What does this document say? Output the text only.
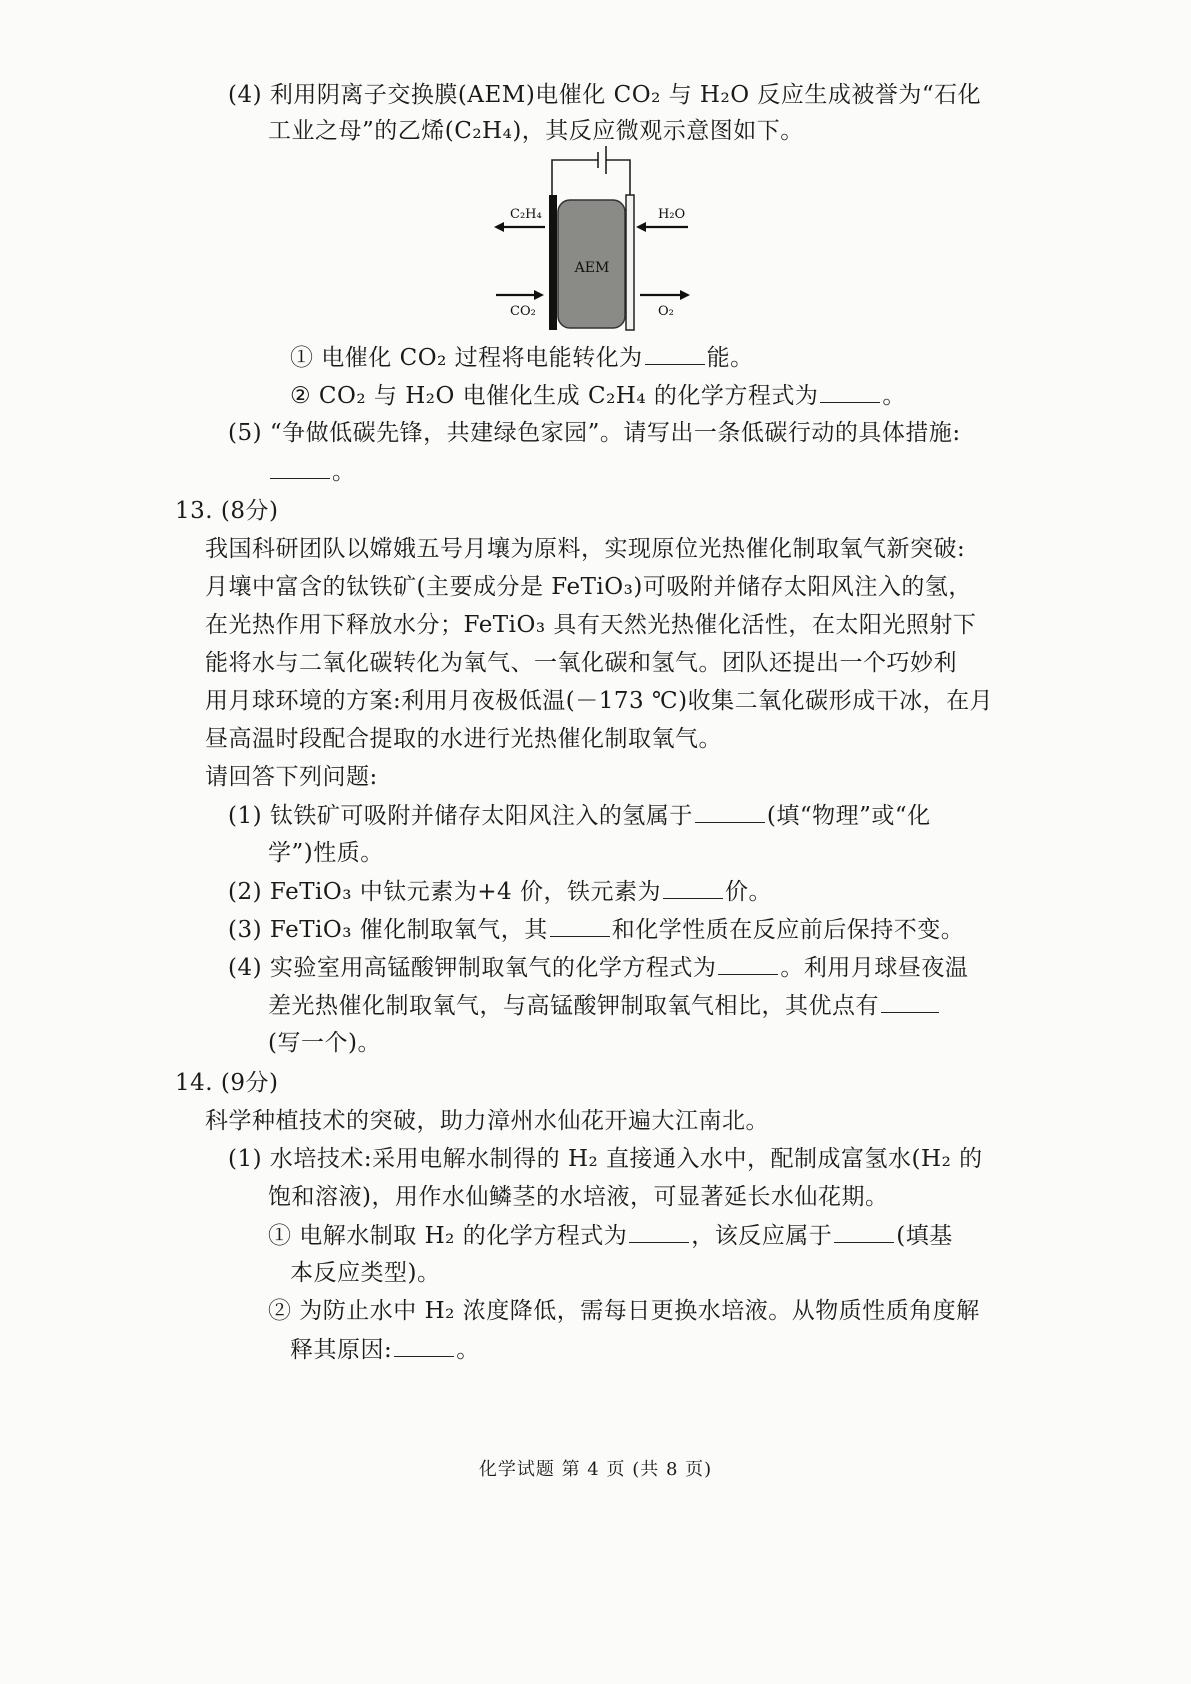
(4) 利用阴离子交换膜(AEM)电催化 CO₂ 与 H₂O 反应生成被誉为“石化
工业之母”的乙烯(C₂H₄)，其反应微观示意图如下。
AEM
C₂H₄	H₂O
CO₂	O₂
① 电催化 CO₂ 过程将电能转化为	能。
② CO₂ 与 H₂O 电催化生成 C₂H₄ 的化学方程式为	。
(5) “争做低碳先锋，共建绿色家园”。请写出一条低碳行动的具体措施:
。
13. (8分)
我国科研团队以嫦娥五号月壤为原料，实现原位光热催化制取氧气新突破:
月壤中富含的钛铁矿(主要成分是 FeTiO₃)可吸附并储存太阳风注入的氢，
在光热作用下释放水分；FeTiO₃ 具有天然光热催化活性，在太阳光照射下
能将水与二氧化碳转化为氧气、一氧化碳和氢气。团队还提出一个巧妙利
用月球环境的方案:利用月夜极低温(－173 ℃)收集二氧化碳形成干冰，在月
昼高温时段配合提取的水进行光热催化制取氧气。
请回答下列问题:
(1) 钛铁矿可吸附并储存太阳风注入的氢属于	(填“物理”或“化
学”)性质。
(2) FeTiO₃ 中钛元素为+4 价，铁元素为	价。
(3) FeTiO₃ 催化制取氧气，其	和化学性质在反应前后保持不变。
(4) 实验室用高锰酸钾制取氧气的化学方程式为	。利用月球昼夜温
差光热催化制取氧气，与高锰酸钾制取氧气相比，其优点有
(写一个)。
14. (9分)
科学种植技术的突破，助力漳州水仙花开遍大江南北。
(1) 水培技术:采用电解水制得的 H₂ 直接通入水中，配制成富氢水(H₂ 的
饱和溶液)，用作水仙鳞茎的水培液，可显著延长水仙花期。
① 电解水制取 H₂ 的化学方程式为	，该反应属于	(填基
本反应类型)。
② 为防止水中 H₂ 浓度降低，需每日更换水培液。从物质性质角度解
释其原因:	。
化学试题 第 4 页 (共 8 页)
